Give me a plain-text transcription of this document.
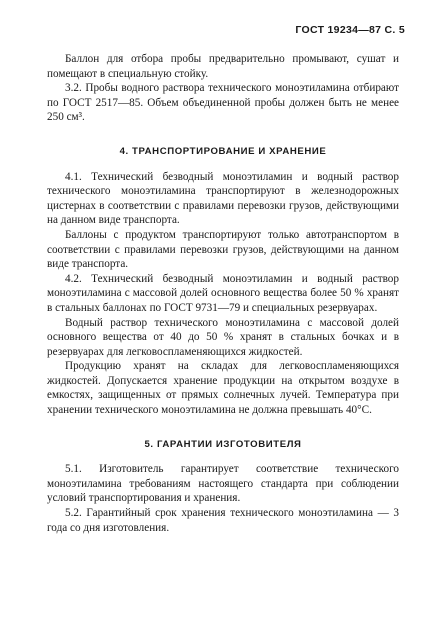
ГОСТ 19234—87 С. 5

Баллон для отбора пробы предварительно промывают, сушат и помещают в специальную стойку.

3.2. Пробы водного раствора технического моноэтиламина отбирают по ГОСТ 2517—85. Объем объединенной пробы должен быть не менее 250 см³.

4. ТРАНСПОРТИРОВАНИЕ И ХРАНЕНИЕ

4.1. Технический безводный моноэтиламин и водный раствор технического моноэтиламина транспортируют в железнодорожных цистернах в соответствии с правилами перевозки грузов, действующими на данном виде транспорта.

Баллоны с продуктом транспортируют только автотранспортом в соответствии с правилами перевозки грузов, действующими на данном виде транспорта.

4.2. Технический безводный моноэтиламин и водный раствор моноэтиламина с массовой долей основного вещества более 50 % хранят в стальных баллонах по ГОСТ 9731—79 и специальных резервуарах.

Водный раствор технического моноэтиламина с массовой долей основного вещества от 40 до 50 % хранят в стальных бочках и в резервуарах для легковоспламеняющихся жидкостей.

Продукцию хранят на складах для легковоспламеняющихся жидкостей. Допускается хранение продукции на открытом воздухе в емкостях, защищенных от прямых солнечных лучей. Температура при хранении технического моноэтиламина не должна превышать 40°С.

5. ГАРАНТИИ ИЗГОТОВИТЕЛЯ

5.1. Изготовитель гарантирует соответствие технического моноэтиламина требованиям настоящего стандарта при соблюдении условий транспортирования и хранения.

5.2. Гарантийный срок хранения технического моноэтиламина — 3 года со дня изготовления.
